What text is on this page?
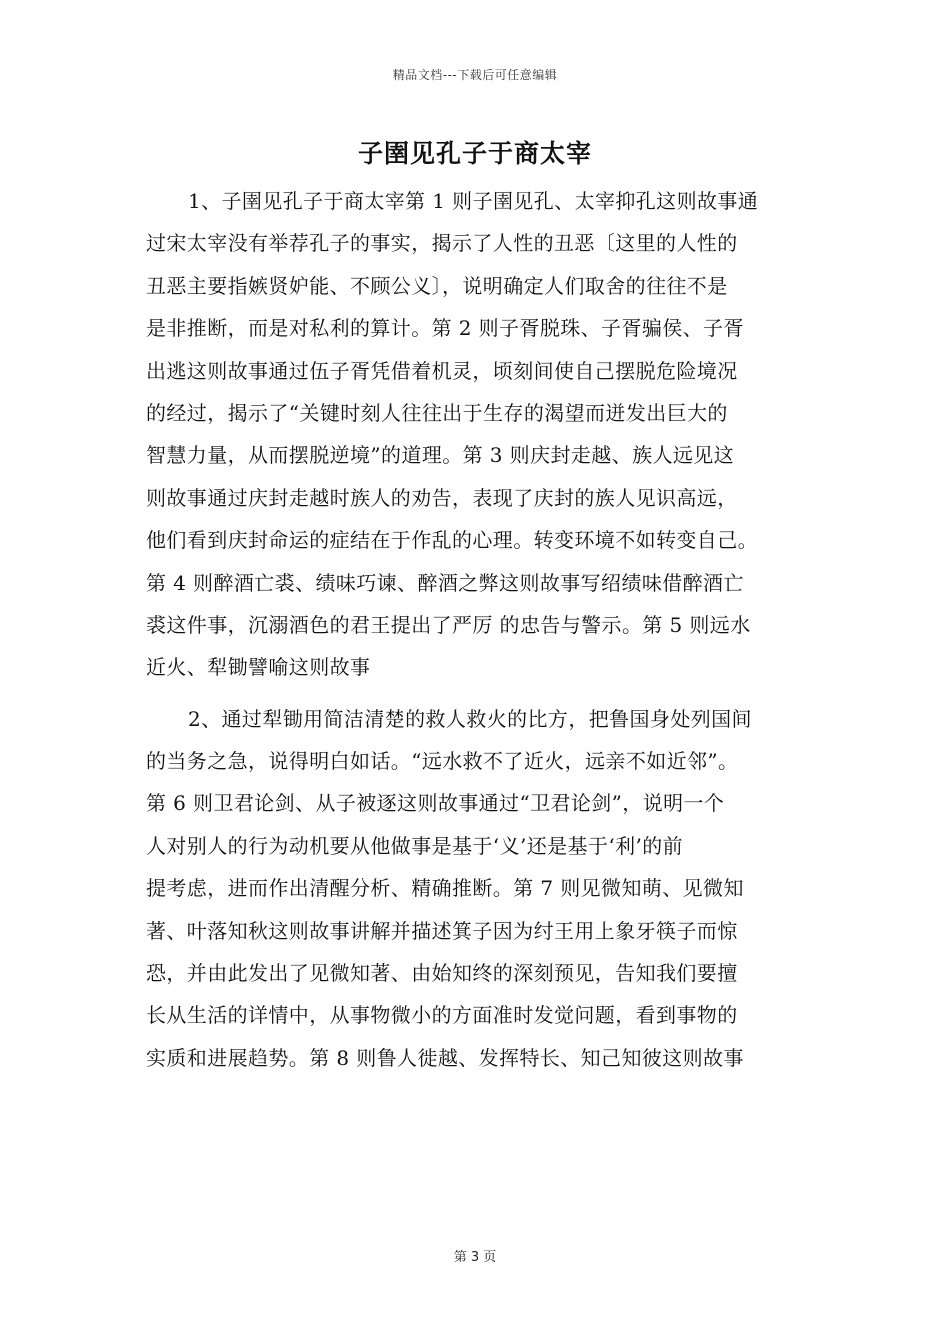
精品文档---下载后可任意编辑
子圉见孔子于商太宰
1、子圉见孔子于商太宰第 1 则子圉见孔、太宰抑孔这则故事通
过宋太宰没有举荐孔子的事实，揭示了人性的丑恶〔这里的人性的
丑恶主要指嫉贤妒能、不顾公义〕，说明确定人们取舍的往往不是
是非推断，而是对私利的算计。第 2 则子胥脱珠、子胥骗侯、子胥
出逃这则故事通过伍子胥凭借着机灵，顷刻间使自己摆脱危险境况
的经过，揭示了“关键时刻人往往出于生存的渴望而迸发出巨大的
智慧力量，从而摆脱逆境”的道理。第 3 则庆封走越、族人远见这
则故事通过庆封走越时族人的劝告，表现了庆封的族人见识高远，
他们看到庆封命运的症结在于作乱的心理。转变环境不如转变自己。
第 4 则醉酒亡裘、绩味巧谏、醉酒之弊这则故事写绍绩味借醉酒亡
裘这件事，沉溺酒色的君王提出了严厉 的忠告与警示。第 5 则远水
近火、犁锄譬喻这则故事
2、通过犁锄用简洁清楚的救人救火的比方，把鲁国身处列国间
的当务之急，说得明白如话。“远水救不了近火，远亲不如近邻”。
第 6 则卫君论剑、从子被逐这则故事通过“卫君论剑”，说明一个
人对别人的行为动机要从他做事是基于‘义’还是基于‘利’的前
提考虑，进而作出清醒分析、精确推断。第 7 则见微知萌、见微知
著、叶落知秋这则故事讲解并描述箕子因为纣王用上象牙筷子而惊
恐，并由此发出了见微知著、由始知终的深刻预见，告知我们要擅
长从生活的详情中，从事物微小的方面准时发觉问题，看到事物的
实质和进展趋势。第 8 则鲁人徙越、发挥特长、知己知彼这则故事
第 3 页
